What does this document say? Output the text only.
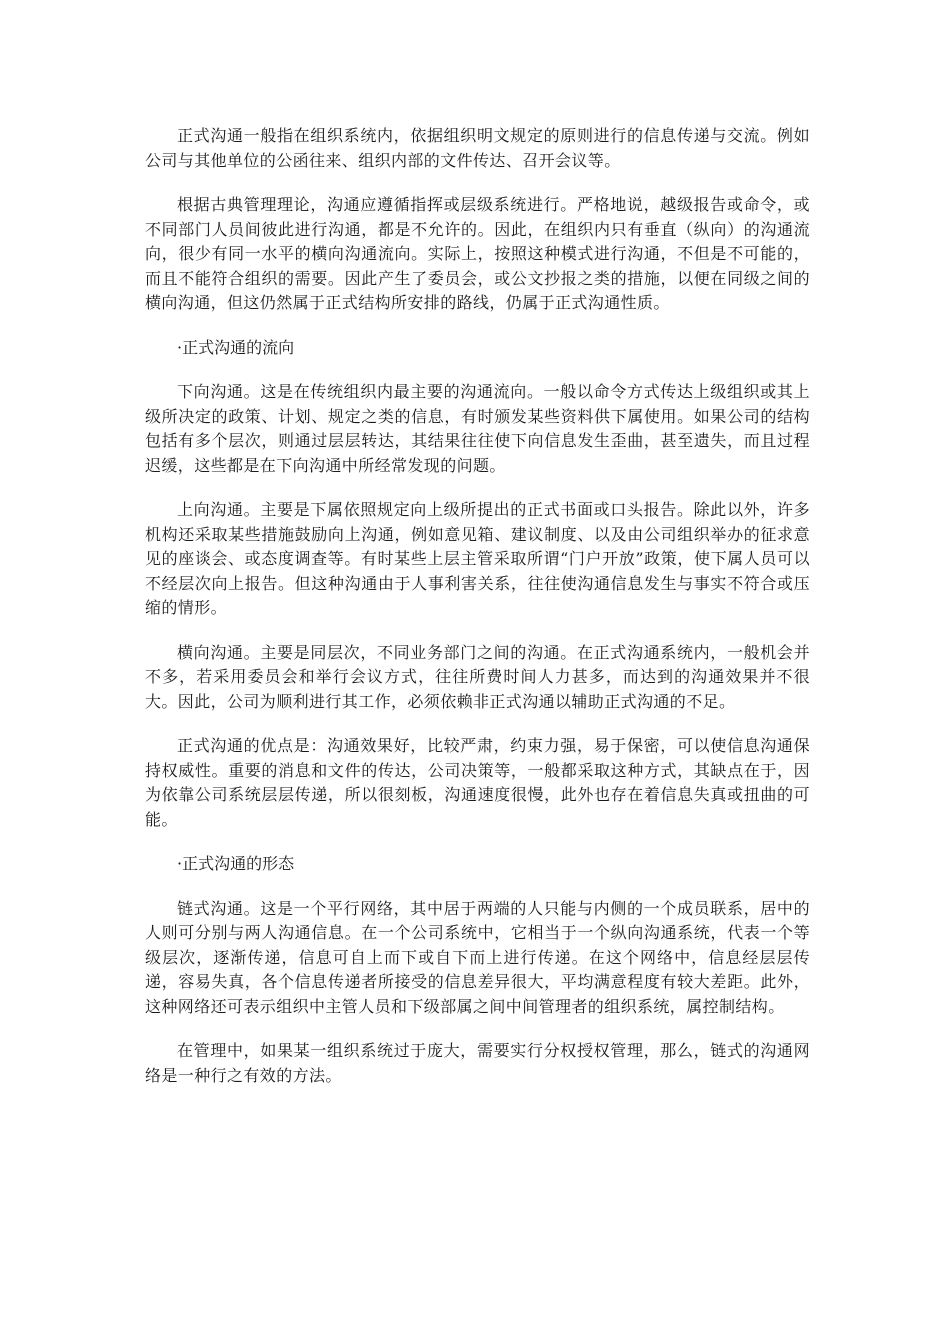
正式沟通一般指在组织系统内，依据组织明文规定的原则进行的信息传递与交流。例如公司与其他单位的公函往来、组织内部的文件传达、召开会议等。

根据古典管理理论，沟通应遵循指挥或层级系统进行。严格地说，越级报告或命令，或不同部门人员间彼此进行沟通，都是不允许的。因此，在组织内只有垂直（纵向）的沟通流向，很少有同一水平的横向沟通流向。实际上，按照这种模式进行沟通，不但是不可能的，而且不能符合组织的需要。因此产生了委员会，或公文抄报之类的措施，以便在同级之间的横向沟通，但这仍然属于正式结构所安排的路线，仍属于正式沟通性质。

·正式沟通的流向

下向沟通。这是在传统组织内最主要的沟通流向。一般以命令方式传达上级组织或其上级所决定的政策、计划、规定之类的信息，有时颁发某些资料供下属使用。如果公司的结构包括有多个层次，则通过层层转达，其结果往往使下向信息发生歪曲，甚至遗失，而且过程迟缓，这些都是在下向沟通中所经常发现的问题。

上向沟通。主要是下属依照规定向上级所提出的正式书面或口头报告。除此以外，许多机构还采取某些措施鼓励向上沟通，例如意见箱、建议制度、以及由公司组织举办的征求意见的座谈会、或态度调查等。有时某些上层主管采取所谓“门户开放”政策，使下属人员可以不经层次向上报告。但这种沟通由于人事利害关系，往往使沟通信息发生与事实不符合或压缩的情形。

横向沟通。主要是同层次，不同业务部门之间的沟通。在正式沟通系统内，一般机会并不多，若采用委员会和举行会议方式，往往所费时间人力甚多，而达到的沟通效果并不很大。因此，公司为顺利进行其工作，必须依赖非正式沟通以辅助正式沟通的不足。

正式沟通的优点是：沟通效果好，比较严肃，约束力强，易于保密，可以使信息沟通保持权威性。重要的消息和文件的传达，公司决策等，一般都采取这种方式，其缺点在于，因为依靠公司系统层层传递，所以很刻板，沟通速度很慢，此外也存在着信息失真或扭曲的可能。

·正式沟通的形态

链式沟通。这是一个平行网络，其中居于两端的人只能与内侧的一个成员联系，居中的人则可分别与两人沟通信息。在一个公司系统中，它相当于一个纵向沟通系统，代表一个等级层次，逐渐传递，信息可自上而下或自下而上进行传递。在这个网络中，信息经层层传递，容易失真，各个信息传递者所接受的信息差异很大，平均满意程度有较大差距。此外，这种网络还可表示组织中主管人员和下级部属之间中间管理者的组织系统，属控制结构。

在管理中，如果某一组织系统过于庞大，需要实行分权授权管理，那么，链式的沟通网络是一种行之有效的方法。
